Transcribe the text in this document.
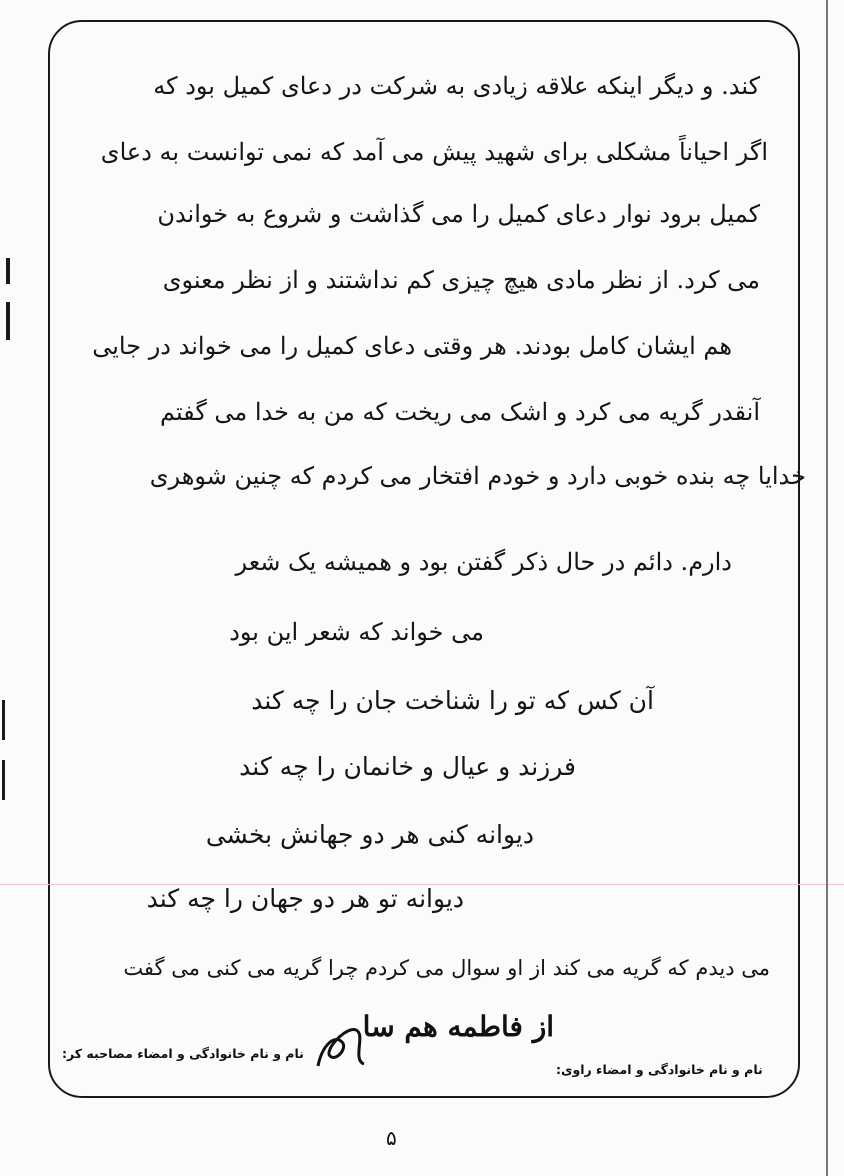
کند. و دیگر اینکه علاقه زیادی به شرکت در دعای کمیل بود که
اگر احیاناً مشکلی برای شهید پیش می آمد که نمی توانست به دعای
کمیل برود نوار دعای کمیل را می گذاشت و شروع به خواندن
می کرد. از نظر مادی هیچ چیزی کم نداشتند و از نظر معنوی
هم ایشان کامل بودند. هر وقتی دعای کمیل را می خواند در جایی
آنقدر گریه می کرد و اشک می ریخت که من به خدا می گفتم
خدایا چه بنده خوبی دارد و خودم افتخار می کردم که چنین شوهری
دارم. دائم در حال ذکر گفتن بود و همیشه یک شعر
می خواند که شعر این بود
آن کس که تو را شناخت جان را چه کند
فرزند و عیال و خانمان را چه کند
دیوانه کنی هر دو جهانش بخشی
دیوانه تو هر دو جهان را چه کند
می دیدم که گریه می کند از او سوال می کردم چرا گریه می کنی می گفت
از فاطمه هم سا
نام و نام خانوادگی و امضاء راوی:
نام و نام خانوادگی و امضاء مصاحبه کر:
۵
